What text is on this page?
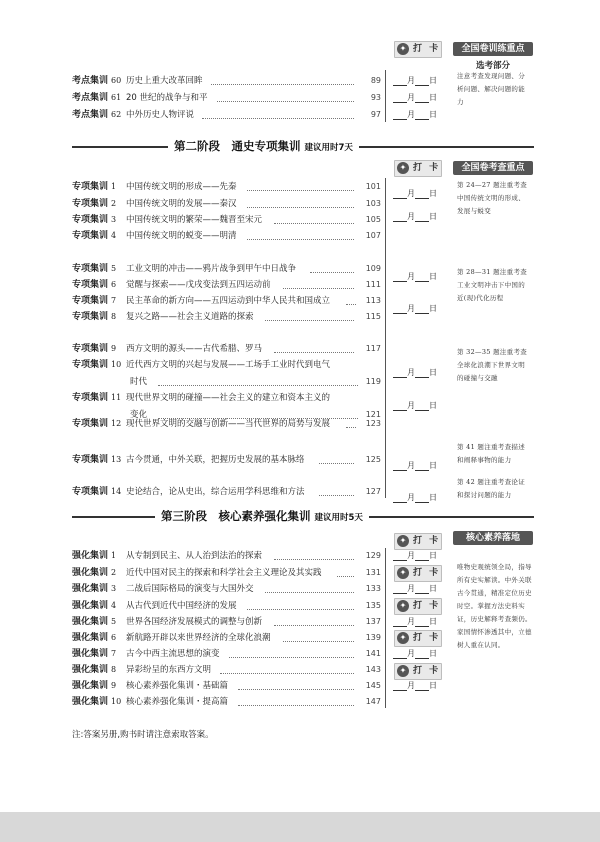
✦ 打 卡	全国卷训练重点
选考部分
注意考查发现问题、分析问题、解决问题的能力
考点集训 60 历史上重大改革回眸	89	月 日
考点集训 61 20 世纪的战争与和平	93	月 日
考点集训 62 中外历史人物评说	97	月 日
第二阶段　通史专项集训 建议用时7天
✦ 打 卡	全国卷考查重点
专项集训 1 中国传统文明的形成——先秦	101
专项集训 2 中国传统文明的发展——秦汉	103
专项集训 3 中国传统文明的繁荣——魏晋至宋元	105
专项集训 4 中国传统文明的蜕变——明清	107
专项集训 5 工业文明的冲击——鸦片战争到甲午中日战争	109
专项集训 6 觉醒与探索——戊戌变法到五四运动前	111
专项集训 7 民主革命的新方向——五四运动到中华人民共和国成立	113
专项集训 8 复兴之路——社会主义道路的探索	115
专项集训 9 西方文明的源头——古代希腊、罗马	117
专项集训 10 近代西方文明的兴起与发展——工场手工业时代到电气
时代	119
专项集训 11 现代世界文明的碰撞——社会主义的建立和资本主义的
变化	121
专项集训 12 现代世界文明的交融与创新——当代世界的局势与发展	123
专项集训 13 古今贯通，中外关联，把握历史发展的基本脉络	125
专项集训 14 史论结合，论从史出，综合运用学科思维和方法	127
月 日
月 日
月 日
月 日
月 日
月 日
月 日
月 日
第 24—27 题注重考查中国传统文明的形成、发展与蜕变
第 28—31 题注重考查工业文明冲击下中国的近(现)代化历程
第 32—35 题注重考查全球化浪潮下世界文明的碰撞与交融
第 41 题注重考查描述和阐释事物的能力
第 42 题注重考查论证和探讨问题的能力
第三阶段　核心素养强化集训 建议用时5天
核心素养落地
强化集训 1 从专制到民主、从人治到法治的探索	129
强化集训 2 近代中国对民主的探索和科学社会主义理论及其实践	131
强化集训 3 二战后国际格局的演变与大国外交	133
强化集训 4 从古代到近代中国经济的发展	135
强化集训 5 世界各国经济发展模式的调整与创新	137
强化集训 6 新航路开辟以来世界经济的全球化浪潮	139
强化集训 7 古今中西主流思想的演变	141
强化集训 8 异彩纷呈的东西方文明	143
强化集训 9 核心素养强化集训・基础篇	145
强化集训 10 核心素养强化集训・提高篇	147
月 日
月 日
月 日
月 日
月 日
✦ 打 卡
✦ 打 卡
✦ 打 卡
✦ 打 卡
✦ 打 卡
唯物史观统领全局，指导所有史实解读。中外关联古今贯通，精准定位历史时空。掌握方法史料实证，历史解释考查频仍。家国情怀渗透其中，立德树人重在认同。
注:答案另册,购书时请注意索取答案。
